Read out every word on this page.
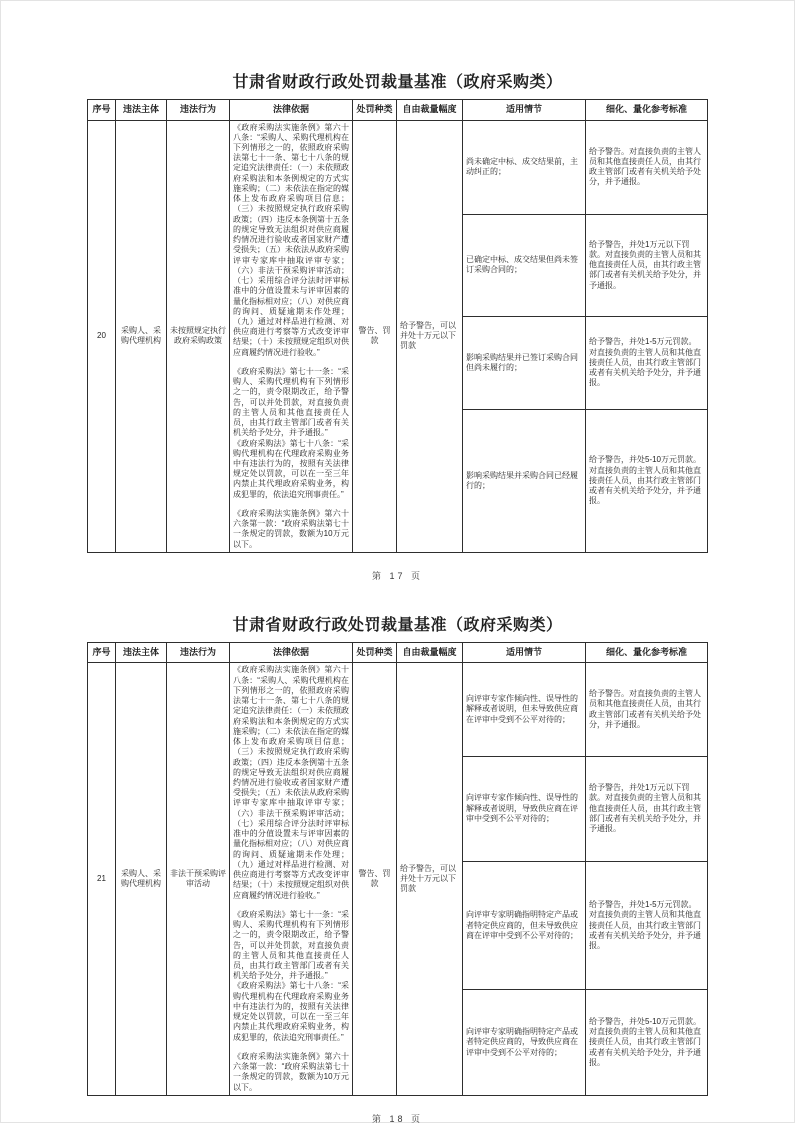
甘肃省财政行政处罚裁量基准（政府采购类）
序号	违法主体	违法行为	法律依据	处罚种类	自由裁量幅度	适用情节	细化、量化参考标准
20	采购人、采购代理机构	未按照规定执行政府采购政策	《政府采购法实施条例》第六十八条：“采购人、采购代理机构在下列情形之一的，依照政府采购法第七十一条、第七十八条的规定追究法律责任：（一）未依照政府采购法和本条例规定的方式实施采购；（二）未依法在指定的媒体上发布政府采购项目信息；（三）未按照规定执行政府采购政策；（四）违反本条例第十五条的规定导致无法组织对供应商履约情况进行验收或者国家财产遭受损失；（五）未依法从政府采购评审专家库中抽取评审专家；（六）非法干预采购评审活动；（七）采用综合评分法时评审标准中的分值设置未与评审因素的量化指标相对应；（八）对供应商的询问、质疑逾期未作处理；（九）通过对样品进行检测、对供应商进行考察等方式改变评审结果；（十）未按照规定组织对供应商履约情况进行验收。”
《政府采购法》第七十一条：“采购人、采购代理机构有下列情形之一的，责令限期改正，给予警告，可以并处罚款，对直接负责的主管人员和其他直接责任人员，由其行政主管部门或者有关机关给予处分，并予通报。”
《政府采购法》第七十八条：“采购代理机构在代理政府采购业务中有违法行为的，按照有关法律规定处以罚款，可以在一至三年内禁止其代理政府采购业务，构成犯罪的，依法追究刑事责任。”
《政府采购法实施条例》第六十六条第一款：“政府采购法第七十一条规定的罚款，数额为10万元以下。	警告、罚款	给予警告，可以并处十万元以下罚款	尚未确定中标、成交结果前，主动纠正的；	给予警告。对直接负责的主管人员和其他直接责任人员，由其行政主管部门或者有关机关给予处分，并予通报。
						已确定中标、成交结果但尚未签订采购合同的；	给予警告，并处1万元以下罚款。对直接负责的主管人员和其他直接责任人员，由其行政主管部门或者有关机关给予处分，并予通报。
						影响采购结果并已签订采购合同但尚未履行的；	给予警告，并处1-5万元罚款。对直接负责的主管人员和其他直接责任人员，由其行政主管部门或者有关机关给予处分，并予通报。
						影响采购结果并采购合同已经履行的；	给予警告，并处5-10万元罚款。对直接负责的主管人员和其他直接责任人员，由其行政主管部门或者有关机关给予处分，并予通报。
第 17 页
甘肃省财政行政处罚裁量基准（政府采购类）
序号	违法主体	违法行为	法律依据	处罚种类	自由裁量幅度	适用情节	细化、量化参考标准
21	采购人、采购代理机构	非法干预采购评审活动	《政府采购法实施条例》第六十八条：“采购人、采购代理机构在下列情形之一的，依照政府采购法第七十一条、第七十八条的规定追究法律责任：（一）未依照政府采购法和本条例规定的方式实施采购；（二）未依法在指定的媒体上发布政府采购项目信息；（三）未按照规定执行政府采购政策；（四）违反本条例第十五条的规定导致无法组织对供应商履约情况进行验收或者国家财产遭受损失；（五）未依法从政府采购评审专家库中抽取评审专家；（六）非法干预采购评审活动；（七）采用综合评分法时评审标准中的分值设置未与评审因素的量化指标相对应；（八）对供应商的询问、质疑逾期未作处理；（九）通过对样品进行检测、对供应商进行考察等方式改变评审结果；（十）未按照规定组织对供应商履约情况进行验收。”
《政府采购法》第七十一条：“采购人、采购代理机构有下列情形之一的，责令限期改正，给予警告，可以并处罚款，对直接负责的主管人员和其他直接责任人员，由其行政主管部门或者有关机关给予处分，并予通报。”
《政府采购法》第七十八条：“采购代理机构在代理政府采购业务中有违法行为的，按照有关法律规定处以罚款，可以在一至三年内禁止其代理政府采购业务，构成犯罪的，依法追究刑事责任。”
《政府采购法实施条例》第六十六条第一款：“政府采购法第七十一条规定的罚款，数额为10万元以下。	警告、罚款	给予警告，可以并处十万元以下罚款	向评审专家作倾向性、误导性的解释或者说明，但未导致供应商在评审中受到不公平对待的；	给予警告。对直接负责的主管人员和其他直接责任人员，由其行政主管部门或者有关机关给予处分，并予通报。
						向评审专家作倾向性、误导性的解释或者说明，导致供应商在评审中受到不公平对待的；	给予警告，并处1万元以下罚款。对直接负责的主管人员和其他直接责任人员，由其行政主管部门或者有关机关给予处分，并予通报。
						向评审专家明确指明特定产品或者特定供应商的，但未导致供应商在评审中受到不公平对待的；	给予警告，并处1-5万元罚款。对直接负责的主管人员和其他直接责任人员，由其行政主管部门或者有关机关给予处分，并予通报。
						向评审专家明确指明特定产品或者特定供应商的，导致供应商在评审中受到不公平对待的；	给予警告，并处5-10万元罚款。对直接负责的主管人员和其他直接责任人员，由其行政主管部门或者有关机关给予处分，并予通报。
第 18 页
